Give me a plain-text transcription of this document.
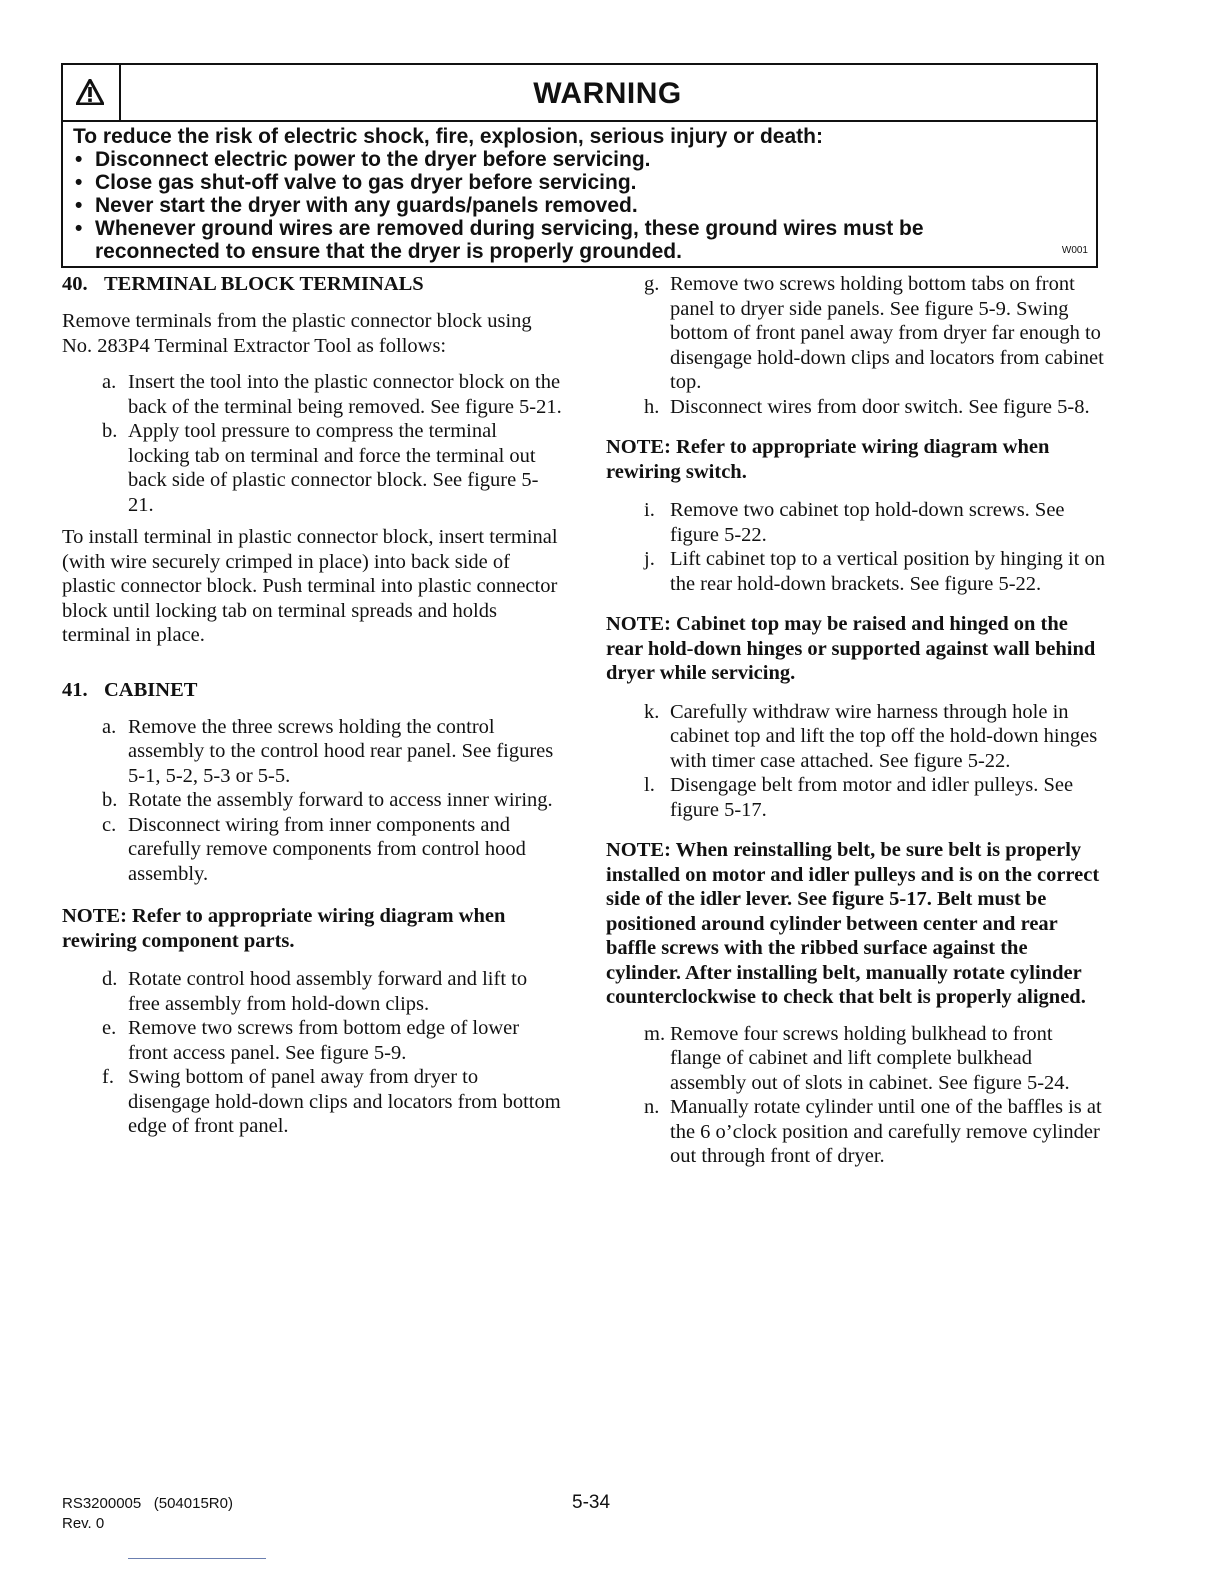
WARNING

To reduce the risk of electric shock, fire, explosion, serious injury or death:

• Disconnect electric power to the dryer before servicing.
• Close gas shut-off valve to gas dryer before servicing.
• Never start the dryer with any guards/panels removed.
• Whenever ground wires are removed during servicing, these ground wires must be reconnected to ensure that the dryer is properly grounded.	W001
40. TERMINAL BLOCK TERMINALS

Remove terminals from the plastic connector block using No. 283P4 Terminal Extractor Tool as follows:

a. Insert the tool into the plastic connector block on the back of the terminal being removed. See figure 5-21.
b. Apply tool pressure to compress the terminal locking tab on terminal and force the terminal out back side of plastic connector block. See figure 5-21.

To install terminal in plastic connector block, insert terminal (with wire securely crimped in place) into back side of plastic connector block. Push terminal into plastic connector block until locking tab on terminal spreads and holds terminal in place.

41. CABINET
a. Remove the three screws holding the control assembly to the control hood rear panel. See figures 5-1, 5-2, 5-3 or 5-5.
b. Rotate the assembly forward to access inner wiring.
c. Disconnect wiring from inner components and carefully remove components from control hood assembly.

NOTE: Refer to appropriate wiring diagram when rewiring component parts.

d. Rotate control hood assembly forward and lift to free assembly from hold-down clips.
e. Remove two screws from bottom edge of lower front access panel. See figure 5-9.
f. Swing bottom of panel away from dryer to disengage hold-down clips and locators from bottom edge of front panel.
g. Remove two screws holding bottom tabs on front panel to dryer side panels. See figure 5-9. Swing bottom of front panel away from dryer far enough to disengage hold-down clips and locators from cabinet top.
h. Disconnect wires from door switch. See figure 5-8.

NOTE: Refer to appropriate wiring diagram when rewiring switch.

i. Remove two cabinet top hold-down screws. See figure 5-22.
j. Lift cabinet top to a vertical position by hinging it on the rear hold-down brackets. See figure 5-22.

NOTE: Cabinet top may be raised and hinged on the rear hold-down hinges or supported against wall behind dryer while servicing.

k. Carefully withdraw wire harness through hole in cabinet top and lift the top off the hold-down hinges with timer case attached. See figure 5-22.
l. Disengage belt from motor and idler pulleys. See figure 5-17.

NOTE: When reinstalling belt, be sure belt is properly installed on motor and idler pulleys and is on the correct side of the idler lever. See figure 5-17. Belt must be positioned around cylinder between center and rear baffle screws with the ribbed surface against the cylinder. After installing belt, manually rotate cylinder counterclockwise to check that belt is properly aligned.

m. Remove four screws holding bulkhead to front flange of cabinet and lift complete bulkhead assembly out of slots in cabinet. See figure 5-24.
n. Manually rotate cylinder until one of the baffles is at the 6 o’clock position and carefully remove cylinder out through front of dryer.
RS3200005   (504015R0)
Rev. 0
5-34
